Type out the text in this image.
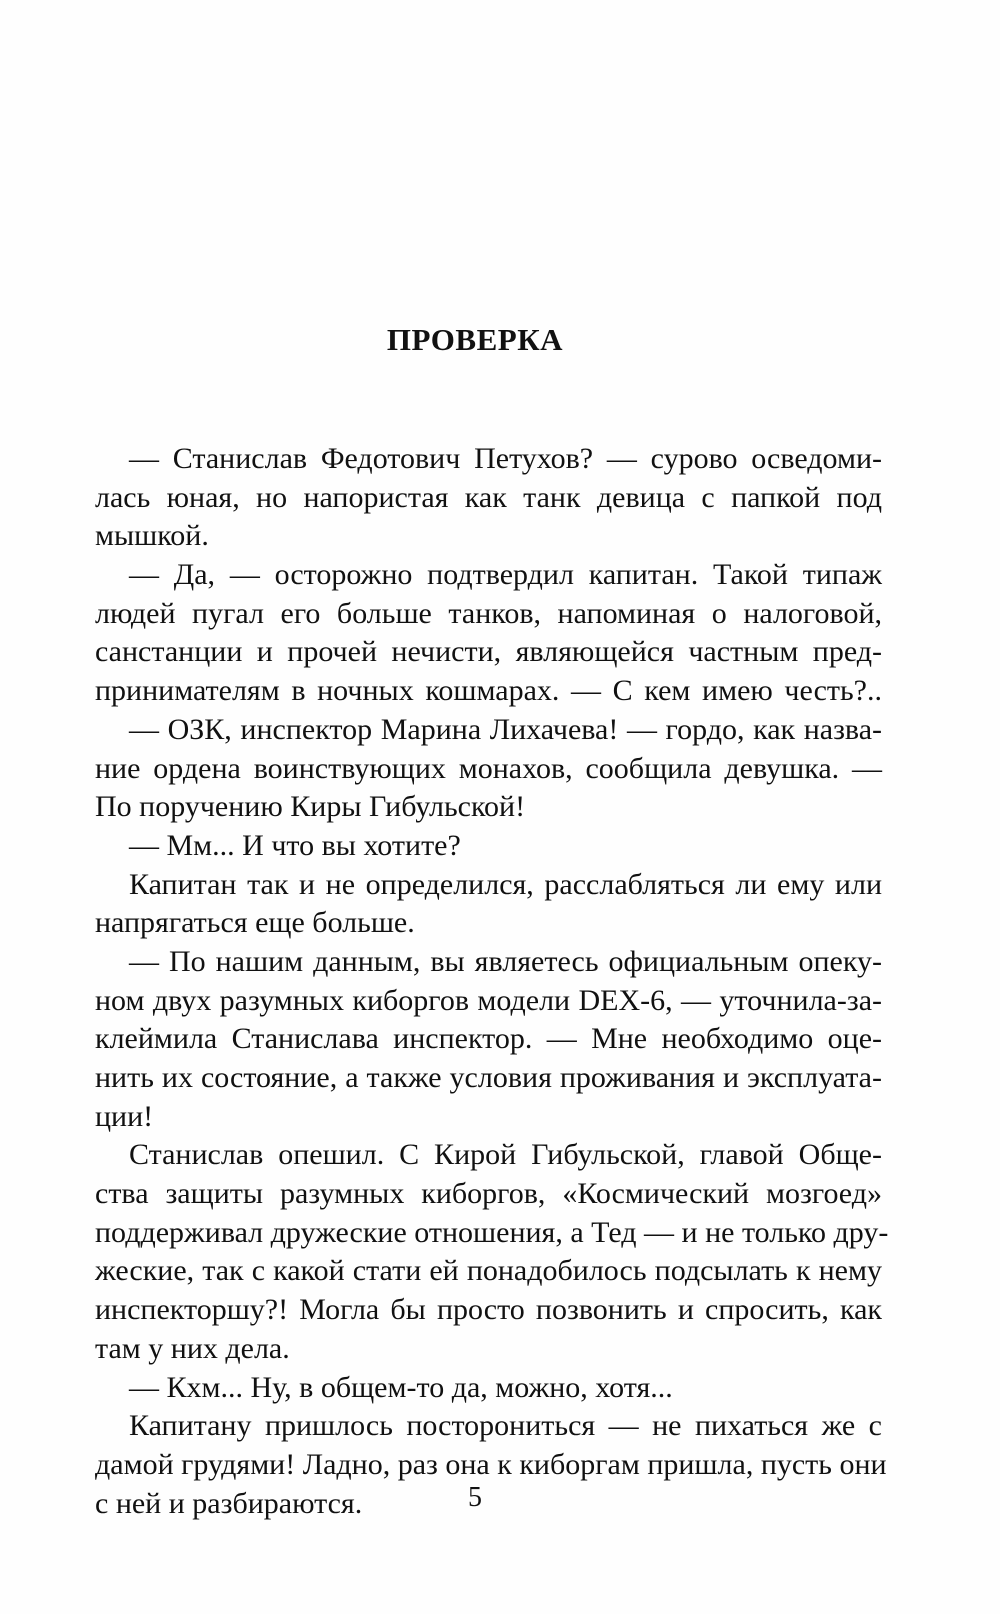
ПРОВЕРКА
— Станислав Федотович Петухов? — сурово осведоми-
лась юная, но напористая как танк девица с папкой под
мышкой.
— Да, — осторожно подтвердил капитан. Такой типаж
людей пугал его больше танков, напоминая о налоговой,
санстанции и прочей нечисти, являющейся частным пред-
принимателям в ночных кошмарах. — С кем имею честь?..
— ОЗК, инспектор Марина Лихачева! — гордо, как назва-
ние ордена воинствующих монахов, сообщила девушка. —
По поручению Киры Гибульской!
— Мм... И что вы хотите?
Капитан так и не определился, расслабляться ли ему или
напрягаться еще больше.
— По нашим данным, вы являетесь официальным опеку-
ном двух разумных киборгов модели DEX-6, — уточнила-за-
клеймила Станислава инспектор. — Мне необходимо оце-
нить их состояние, а также условия проживания и эксплуата-
ции!
Станислав опешил. С Кирой Гибульской, главой Обще-
ства защиты разумных киборгов, «Космический мозгоед»
поддерживал дружеские отношения, а Тед — и не только дру-
жеские, так с какой стати ей понадобилось подсылать к нему
инспекторшу?! Могла бы просто позвонить и спросить, как
там у них дела.
— Кхм... Ну, в общем-то да, можно, хотя...
Капитану пришлось посторониться — не пихаться же с
дамой грудями! Ладно, раз она к киборгам пришла, пусть они
с ней и разбираются.	5
